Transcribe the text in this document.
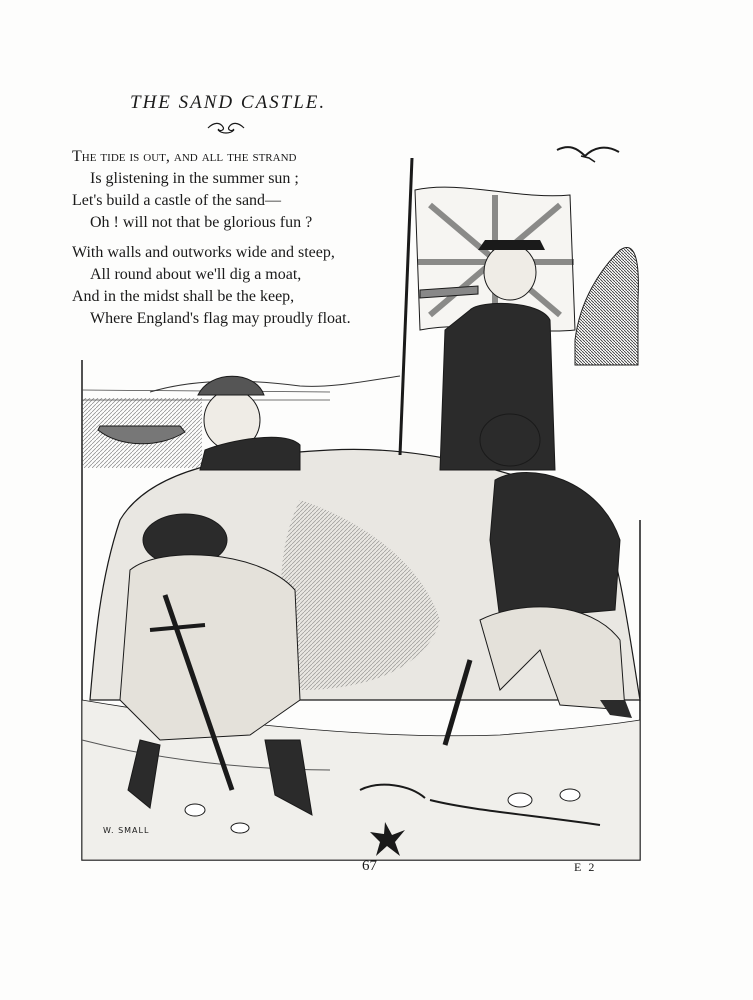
THE SAND CASTLE.
The tide is out, and all the strand
Is glistening in the summer sun ;
Let's build a castle of the sand—
Oh ! will not that be glorious fun ?
With walls and outworks wide and steep,
All round about we'll dig a moat,
And in the midst shall be the keep,
Where England's flag may proudly float.
W. SMALL
67	E 2
